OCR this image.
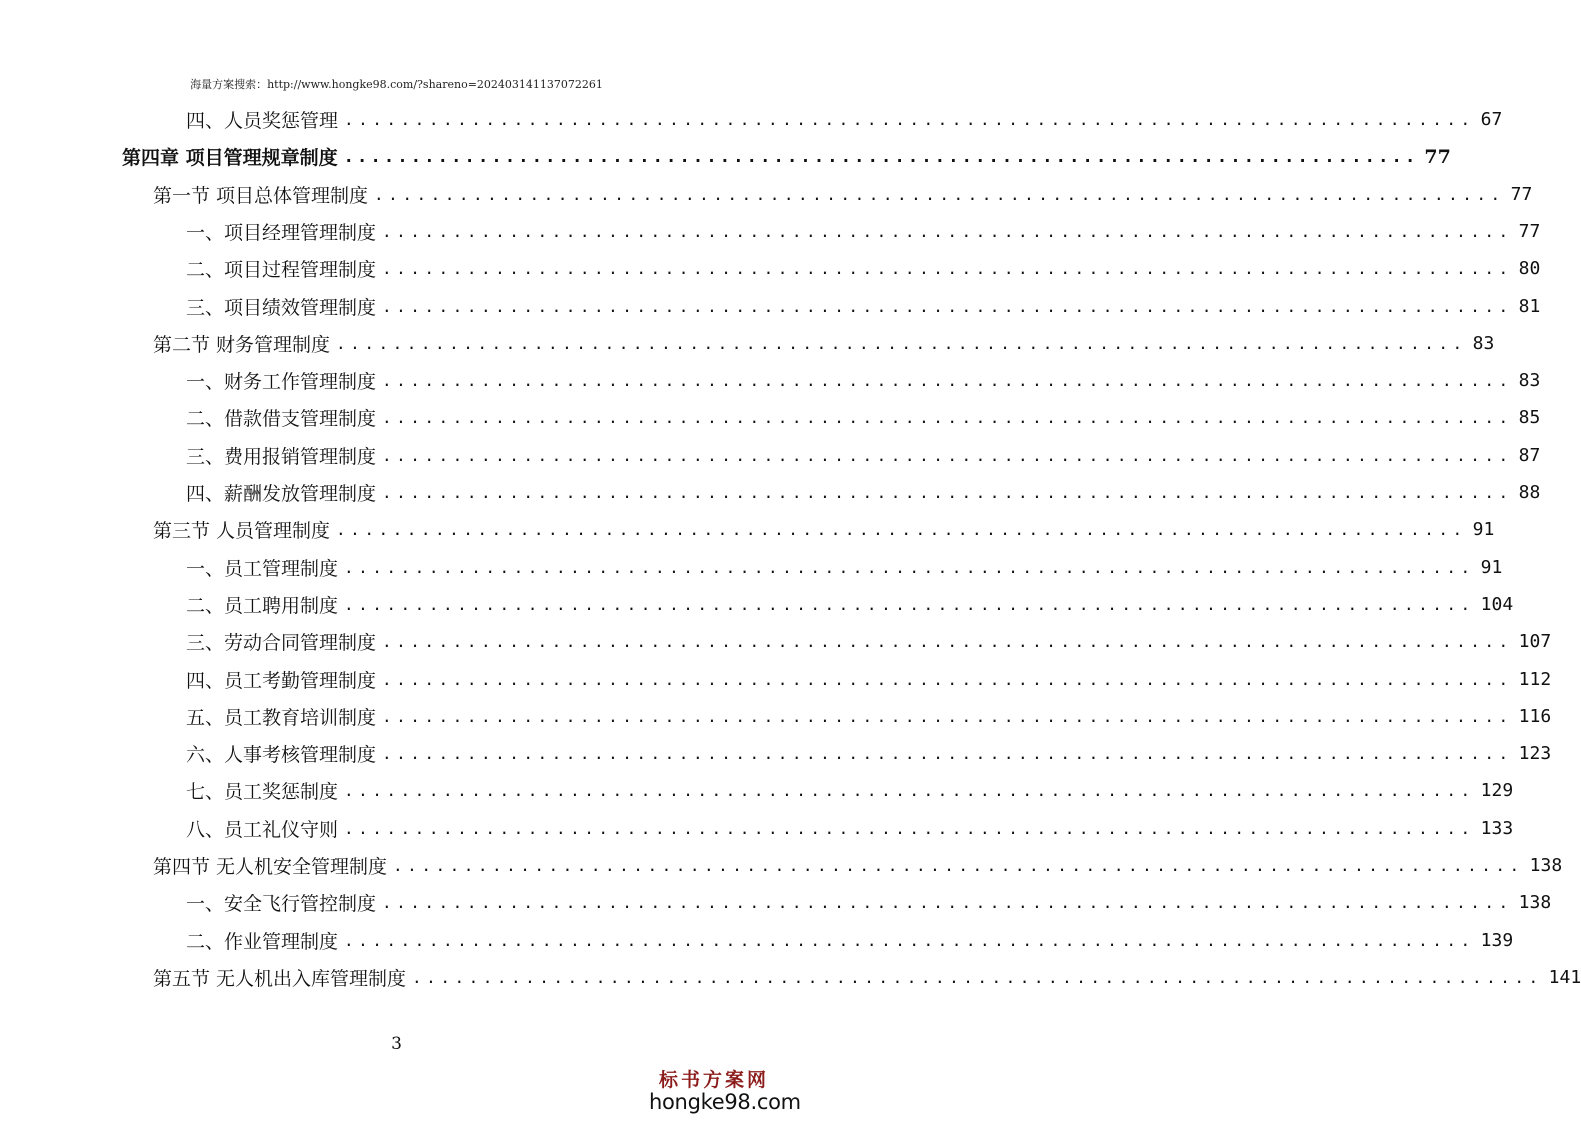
海量方案搜索：http://www.hongke98.com/?shareno=202403141137072261
四、人员奖惩管理 ................................................................................ 67
第四章 项目管理规章制度 ................................................................................ 77
第一节 项目总体管理制度 ................................................................................ 77
一、项目经理管理制度 ................................................................................ 77
二、项目过程管理制度 ................................................................................ 80
三、项目绩效管理制度 ................................................................................ 81
第二节 财务管理制度 ................................................................................ 83
一、财务工作管理制度 ................................................................................ 83
二、借款借支管理制度 ................................................................................ 85
三、费用报销管理制度 ................................................................................ 87
四、薪酬发放管理制度 ................................................................................ 88
第三节 人员管理制度 ................................................................................ 91
一、员工管理制度 ................................................................................ 91
二、员工聘用制度 ................................................................................ 104
三、劳动合同管理制度 ................................................................................ 107
四、员工考勤管理制度 ................................................................................ 112
五、员工教育培训制度 ................................................................................ 116
六、人事考核管理制度 ................................................................................ 123
七、员工奖惩制度 ................................................................................ 129
八、员工礼仪守则 ................................................................................ 133
第四节 无人机安全管理制度 ................................................................................ 138
一、安全飞行管控制度 ................................................................................ 138
二、作业管理制度 ................................................................................ 139
第五节 无人机出入库管理制度 ................................................................................ 141
3
标书方案网
hongke98.com
